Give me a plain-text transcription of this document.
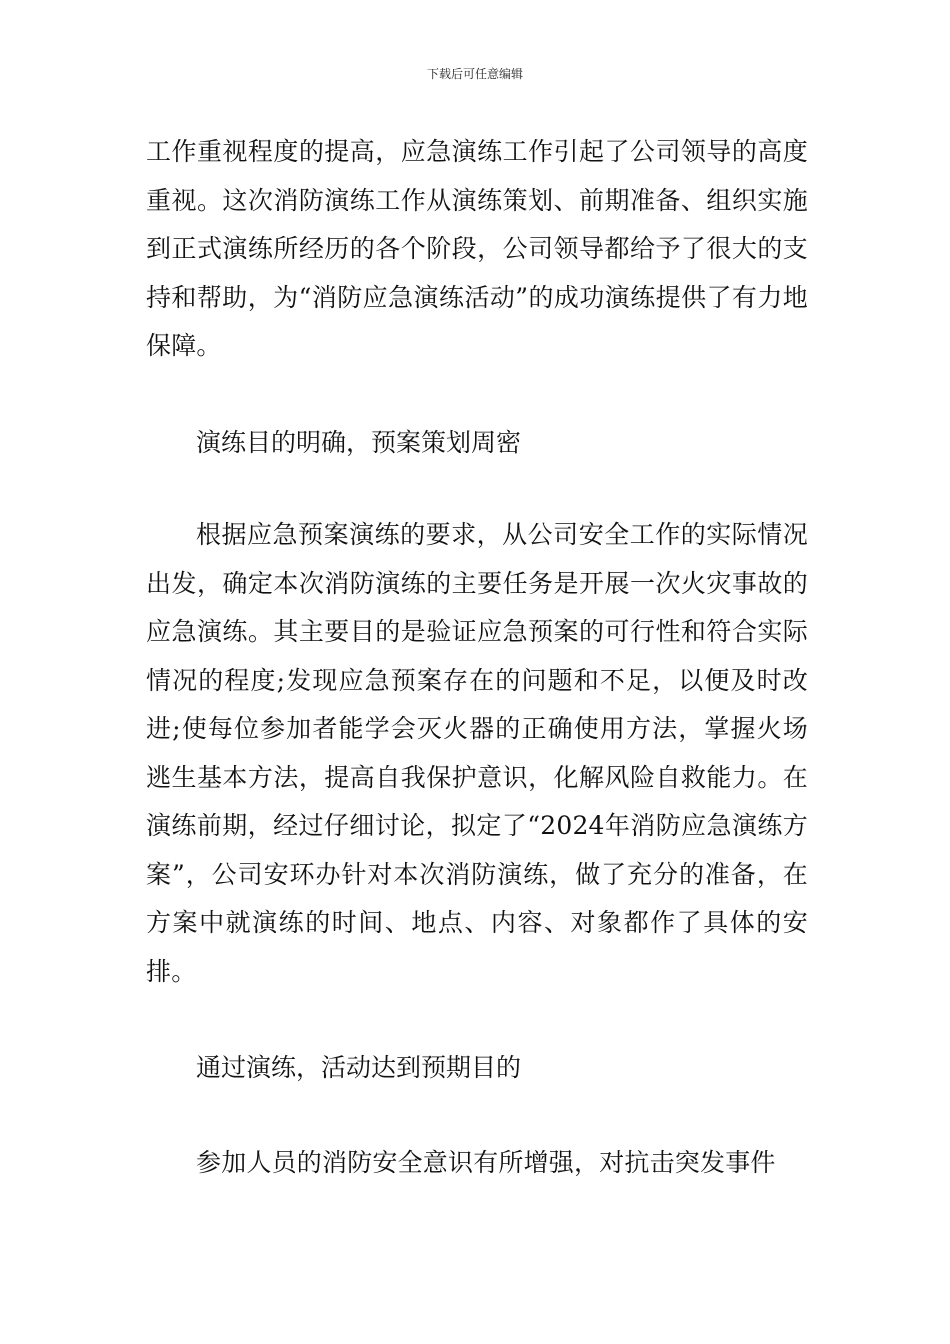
下载后可任意编辑

工作重视程度的提高，应急演练工作引起了公司领导的高度重视。这次消防演练工作从演练策划、前期准备、组织实施到正式演练所经历的各个阶段，公司领导都给予了很大的支持和帮助，为“消防应急演练活动”的成功演练提供了有力地保障。

演练目的明确，预案策划周密

根据应急预案演练的要求，从公司安全工作的实际情况出发，确定本次消防演练的主要任务是开展一次火灾事故的应急演练。其主要目的是验证应急预案的可行性和符合实际情况的程度;发现应急预案存在的问题和不足，以便及时改进;使每位参加者能学会灭火器的正确使用方法，掌握火场逃生基本方法，提高自我保护意识，化解风险自救能力。在演练前期，经过仔细讨论，拟定了“2024年消防应急演练方案”，公司安环办针对本次消防演练，做了充分的准备，在方案中就演练的时间、地点、内容、对象都作了具体的安排。

通过演练，活动达到预期目的

参加人员的消防安全意识有所增强，对抗击突发事件
